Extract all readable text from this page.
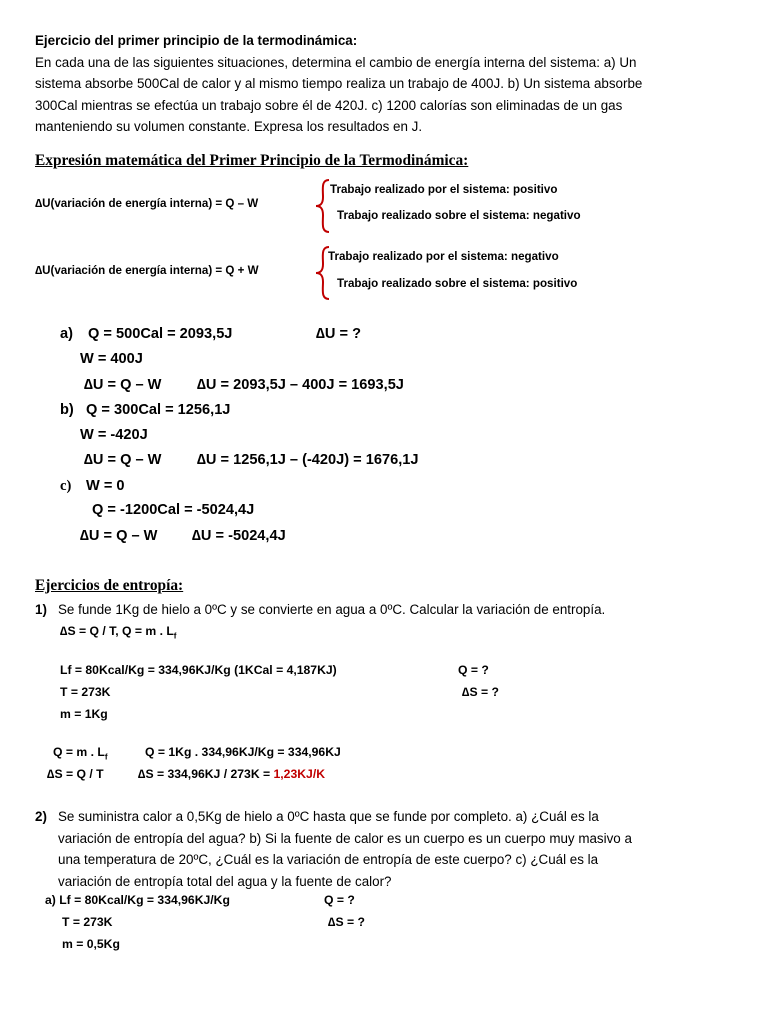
Ejercicio del primer principio de la termodinámica:
En cada una de las siguientes situaciones, determina el cambio de energía interna del sistema: a) Un
sistema absorbe 500Cal de calor y al mismo tiempo realiza un trabajo de 400J. b) Un sistema absorbe
300Cal mientras se efectúa un trabajo sobre él de 420J. c) 1200 calorías son eliminadas de un gas
manteniendo su volumen constante. Expresa los resultados en J.
Expresión matemática del Primer Principio de la Termodinámica:
∆U(variación de energía interna) = Q – W
Trabajo realizado por el sistema: positivo
Trabajo realizado sobre el sistema: negativo
∆U(variación de energía interna) = Q + W
Trabajo realizado por el sistema: negativo
Trabajo realizado sobre el sistema: positivo
a) Q = 500Cal = 2093,5J	∆U = ?
W = 400J
∆U = Q – W ∆U = 2093,5J – 400J = 1693,5J
b) Q = 300Cal = 1256,1J
W = -420J
∆U = Q – W ∆U = 1256,1J – (-420J) = 1676,1J
c) W = 0
Q = -1200Cal = -5024,4J
∆U = Q – W ∆U = -5024,4J
Ejercicios de entropía:
1) Se funde 1Kg de hielo a 0ºC y se convierte en agua a 0ºC. Calcular la variación de entropía.
∆S = Q / T, Q = m . $L_f$
Lf = 80Kcal/Kg = 334,96KJ/Kg (1KCal = 4,187KJ)	Q = ?
T = 273K	∆S = ?
m = 1Kg
Q = m . $L_f$	Q = 1Kg . 334,96KJ/Kg = 334,96KJ
∆S = Q / T	∆S = 334,96KJ / 273K = 1,23KJ/K
2) Se suministra calor a 0,5Kg de hielo a 0ºC hasta que se funde por completo. a) ¿Cuál es la
variación de entropía del agua? b) Si la fuente de calor es un cuerpo es un cuerpo muy masivo a
una temperatura de 20ºC, ¿Cuál es la variación de entropía de este cuerpo? c) ¿Cuál es la
variación de entropía total del agua y la fuente de calor?
a) Lf = 80Kcal/Kg = 334,96KJ/Kg	Q = ?
T = 273K	∆S = ?
m = 0,5Kg
